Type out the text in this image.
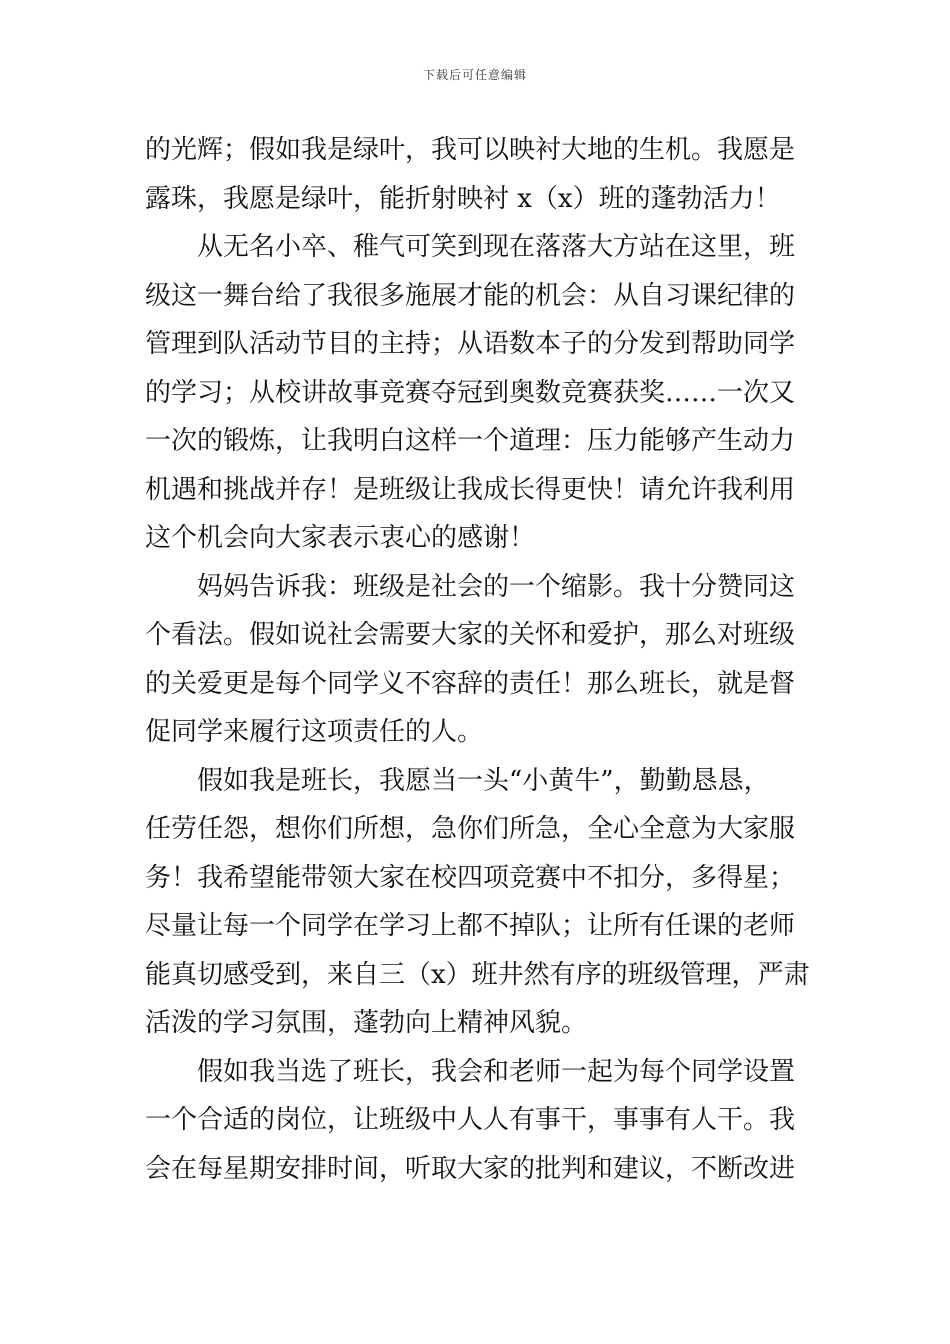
下载后可任意编辑
的光辉；假如我是绿叶，我可以映衬大地的生机。我愿是
露珠，我愿是绿叶，能折射映衬 x（x）班的蓬勃活力！
从无名小卒、稚气可笑到现在落落大方站在这里，班
级这一舞台给了我很多施展才能的机会：从自习课纪律的
管理到队活动节目的主持；从语数本子的分发到帮助同学
的学习；从校讲故事竞赛夺冠到奥数竞赛获奖……一次又
一次的锻炼，让我明白这样一个道理：压力能够产生动力
机遇和挑战并存！是班级让我成长得更快！请允许我利用
这个机会向大家表示衷心的感谢！
妈妈告诉我：班级是社会的一个缩影。我十分赞同这
个看法。假如说社会需要大家的关怀和爱护，那么对班级
的关爱更是每个同学义不容辞的责任！那么班长，就是督
促同学来履行这项责任的人。
假如我是班长，我愿当一头“小黄牛”，勤勤恳恳，
任劳任怨，想你们所想，急你们所急，全心全意为大家服
务！我希望能带领大家在校四项竞赛中不扣分，多得星；
尽量让每一个同学在学习上都不掉队；让所有任课的老师
能真切感受到，来自三（x）班井然有序的班级管理，严肃
活泼的学习氛围，蓬勃向上精神风貌。
假如我当选了班长，我会和老师一起为每个同学设置
一个合适的岗位，让班级中人人有事干，事事有人干。我
会在每星期安排时间，听取大家的批判和建议，不断改进
